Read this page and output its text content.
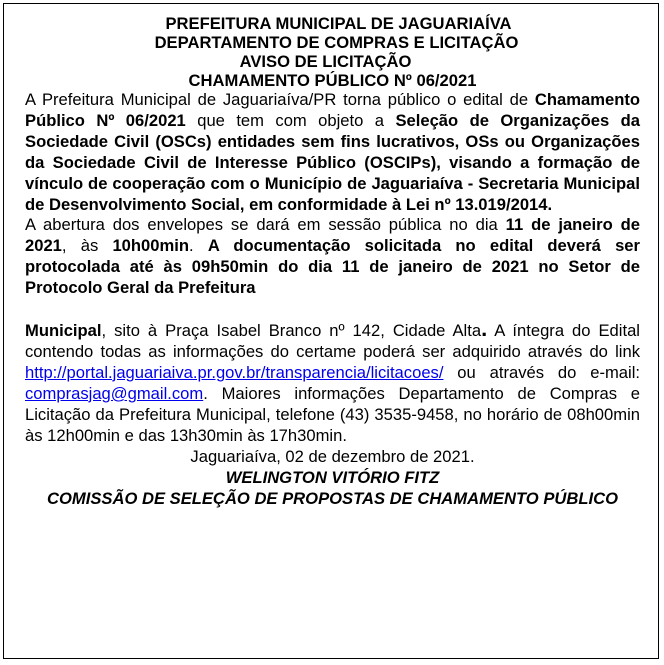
PREFEITURA MUNICIPAL DE JAGUARIAÍVA
DEPARTAMENTO DE COMPRAS E LICITAÇÃO
AVISO DE LICITAÇÃO
CHAMAMENTO PÚBLICO Nº 06/2021
A Prefeitura Municipal de Jaguariaíva/PR torna público o edital de Chamamento Público Nº 06/2021 que tem com objeto a Seleção de Organizações da Sociedade Civil (OSCs) entidades sem fins lucrativos, OSs ou Organizações da Sociedade Civil de Interesse Público (OSCIPs), visando a formação de vínculo de cooperação com o Município de Jaguariaíva - Secretaria Municipal de Desenvolvimento Social, em conformidade à Lei nº 13.019/2014.
A abertura dos envelopes se dará em sessão pública no dia 11 de janeiro de 2021, às 10h00min. A documentação solicitada no edital deverá ser protocolada até às 09h50min do dia 11 de janeiro de 2021 no Setor de Protocolo Geral da Prefeitura
Municipal, sito à Praça Isabel Branco nº 142, Cidade Alta. A íntegra do Edital contendo todas as informações do certame poderá ser adquirido através do link http://portal.jaguariaiva.pr.gov.br/transparencia/licitacoes/ ou através do e-mail: comprasjag@gmail.com. Maiores informações Departamento de Compras e Licitação da Prefeitura Municipal, telefone (43) 3535-9458, no horário de 08h00min às 12h00min e das 13h30min às 17h30min.
Jaguariaíva, 02 de dezembro de 2021.
WELINGTON VITÓRIO FITZ
COMISSÃO DE SELEÇÃO DE PROPOSTAS DE CHAMAMENTO PÚBLICO
